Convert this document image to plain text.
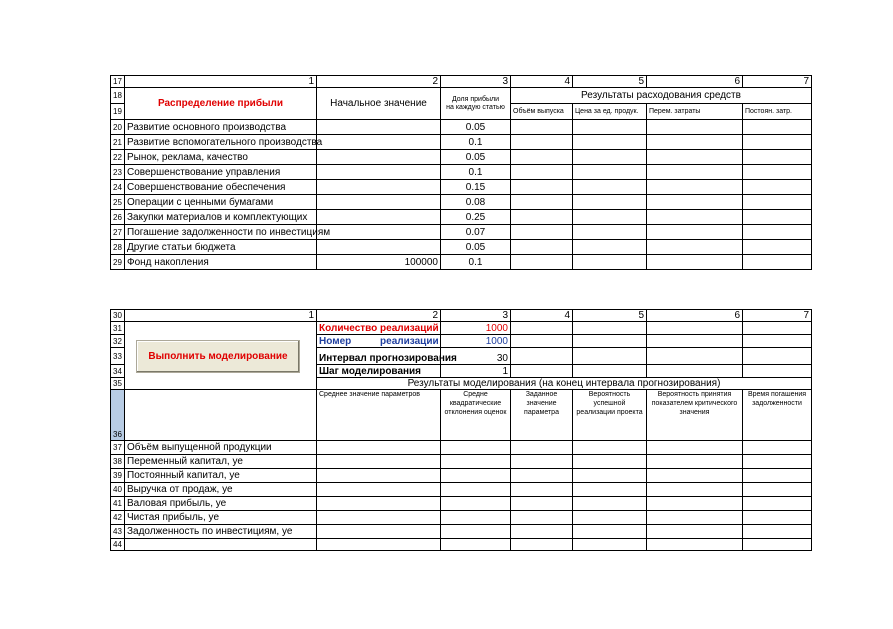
17	1	2	3	4	5	6	7
18	Распределение прибыли	Начальное значение	Доля прибыли
на каждую статью	Результаты расходования средств			
19				Объём выпуска	Цена за ед. продук.	Перем. затраты	Постоян. затр.
20	Развитие основного производства		0.05				
21	Развитие вспомогательного производства		0.1				
22	Рынок, реклама, качество		0.05				
23	Совершенствование управления		0.1				
24	Совершенствование обеспечения		0.15				
25	Операции с ценными бумагами		0.08				
26	Закупки материалов и комплектующих		0.25				
27	Погашение задолженности по инвестициям		0.07				
28	Другие статьи бюджета		0.05				
29	Фонд накопления	100000	0.1				
30	1	2	3	4	5	6	7
31		Количество реализаций	1000				
32		Номер реализации	1000				
33		Интервал прогнозирования	30				
34		Шаг моделирования	1				
35		Результаты моделирования (на конец интервала прогнозирования)					
36		Среднее значение параметров	Средне квадратические отклонения оценок	Заданное значение параметра	Вероятность успешной реализации проекта	Вероятность принятия показателем критического значения	Время погашения задолженности
37	Объём выпущенной продукции						
38	Переменный капитал, уе						
39	Постоянный капитал, уе						
40	Выручка от продаж, уе						
41	Валовая прибыль, уе						
42	Чистая прибыль, уе						
43	Задолженность по инвестициям, уе						
44							
Выполнить моделирование
